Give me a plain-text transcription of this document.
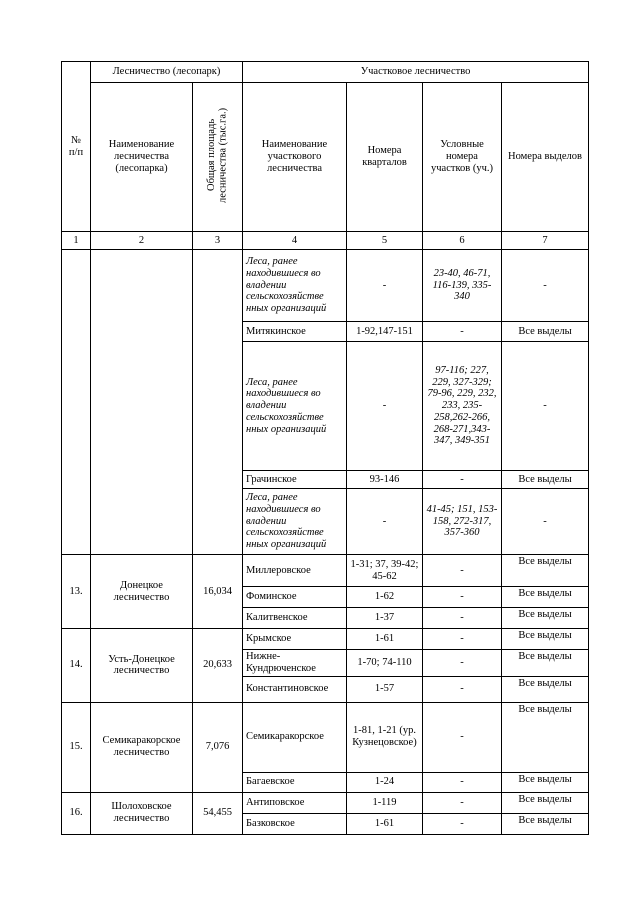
№
п/п	Лесничество (лесопарк)		Участковое лесничество			
	Наименование лесничества (лесопарка)	Общая площадь лесничества (тыс.га.)	Наименование участкового лесничества	Номера кварталов	Условные номера участков (уч.)	Номера выделов
1	2	3	4	5	6	7
			Леса, ранее находившиеся во владении сельскохозяйстве нных организаций	-	23-40, 46-71, 116-139, 335-340	-
			Митякинское	1-92,147-151	-	Все выделы
			Леса, ранее находившиеся во владении сельскохозяйстве нных организаций	-	97-116; 227, 229, 327-329; 79-96, 229, 232, 233, 235-258,262-266, 268-271,343-347, 349-351	-
			Грачинское	93-146	-	Все выделы
			Леса, ранее находившиеся во владении сельскохозяйстве нных организаций	-	41-45; 151, 153-158, 272-317, 357-360	-
13.	Донецкое лесничество	16,034	Миллеровское	1-31; 37, 39-42; 45-62	-	Все выделы
			Фоминское	1-62	-	Все выделы
			Калитвенское	1-37	-	Все выделы
14.	Усть-Донецкое лесничество	20,633	Крымское	1-61	-	Все выделы
			Нижне-Кундрюченское	1-70; 74-110	-	Все выделы
			Константиновское	1-57	-	Все выделы
15.	Семикаракорское лесничество	7,076	Семикаракорское	1-81, 1-21 (ур. Кузнецовское)	-	Все выделы
			Багаевское	1-24	-	Все выделы
16.	Шолоховское лесничество	54,455	Антиповское	1-119	-	Все выделы
			Базковское	1-61	-	Все выделы
